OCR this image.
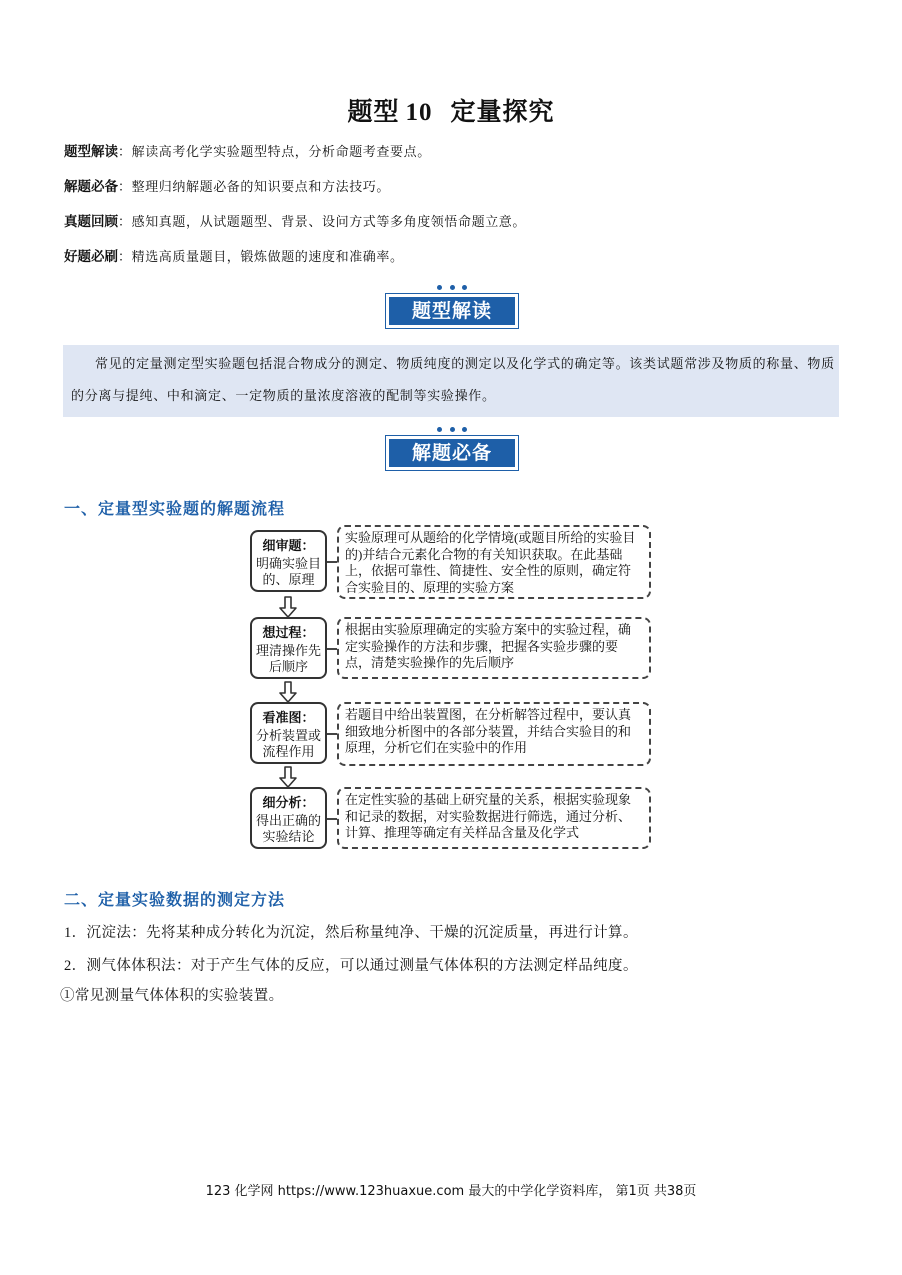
题型 10 定量探究
题型解读：解读高考化学实验题型特点，分析命题考查要点。
解题必备：整理归纳解题必备的知识要点和方法技巧。
真题回顾：感知真题，从试题题型、背景、设问方式等多角度领悟命题立意。
好题必刷：精选高质量题目，锻炼做题的速度和准确率。
题型解读
常见的定量测定型实验题包括混合物成分的测定、物质纯度的测定以及化学式的确定等。该类试题常涉及物质的称量、物质的分离与提纯、中和滴定、一定物质的量浓度溶液的配制等实验操作。
解题必备
一、定量型实验题的解题流程
细审题：
明确实验目的、原理
实验原理可从题给的化学情境(或题目所给的实验目的)并结合元素化合物的有关知识获取。在此基础上，依据可靠性、简捷性、安全性的原则，确定符合实验目的、原理的实验方案
想过程：
理清操作先后顺序
根据由实验原理确定的实验方案中的实验过程，确定实验操作的方法和步骤，把握各实验步骤的要点，清楚实验操作的先后顺序
看准图：
分析装置或流程作用
若题目中给出装置图，在分析解答过程中，要认真细致地分析图中的各部分装置，并结合实验目的和原理，分析它们在实验中的作用
细分析：
得出正确的实验结论
在定性实验的基础上研究量的关系，根据实验现象和记录的数据，对实验数据进行筛选，通过分析、计算、推理等确定有关样品含量及化学式
二、定量实验数据的测定方法
1．沉淀法：先将某种成分转化为沉淀，然后称量纯净、干燥的沉淀质量，再进行计算。
2．测气体体积法：对于产生气体的反应，可以通过测量气体体积的方法测定样品纯度。
①常见测量气体体积的实验装置。
123 化学网 https://www.123huaxue.com 最大的中学化学资料库， 第1页 共38页
